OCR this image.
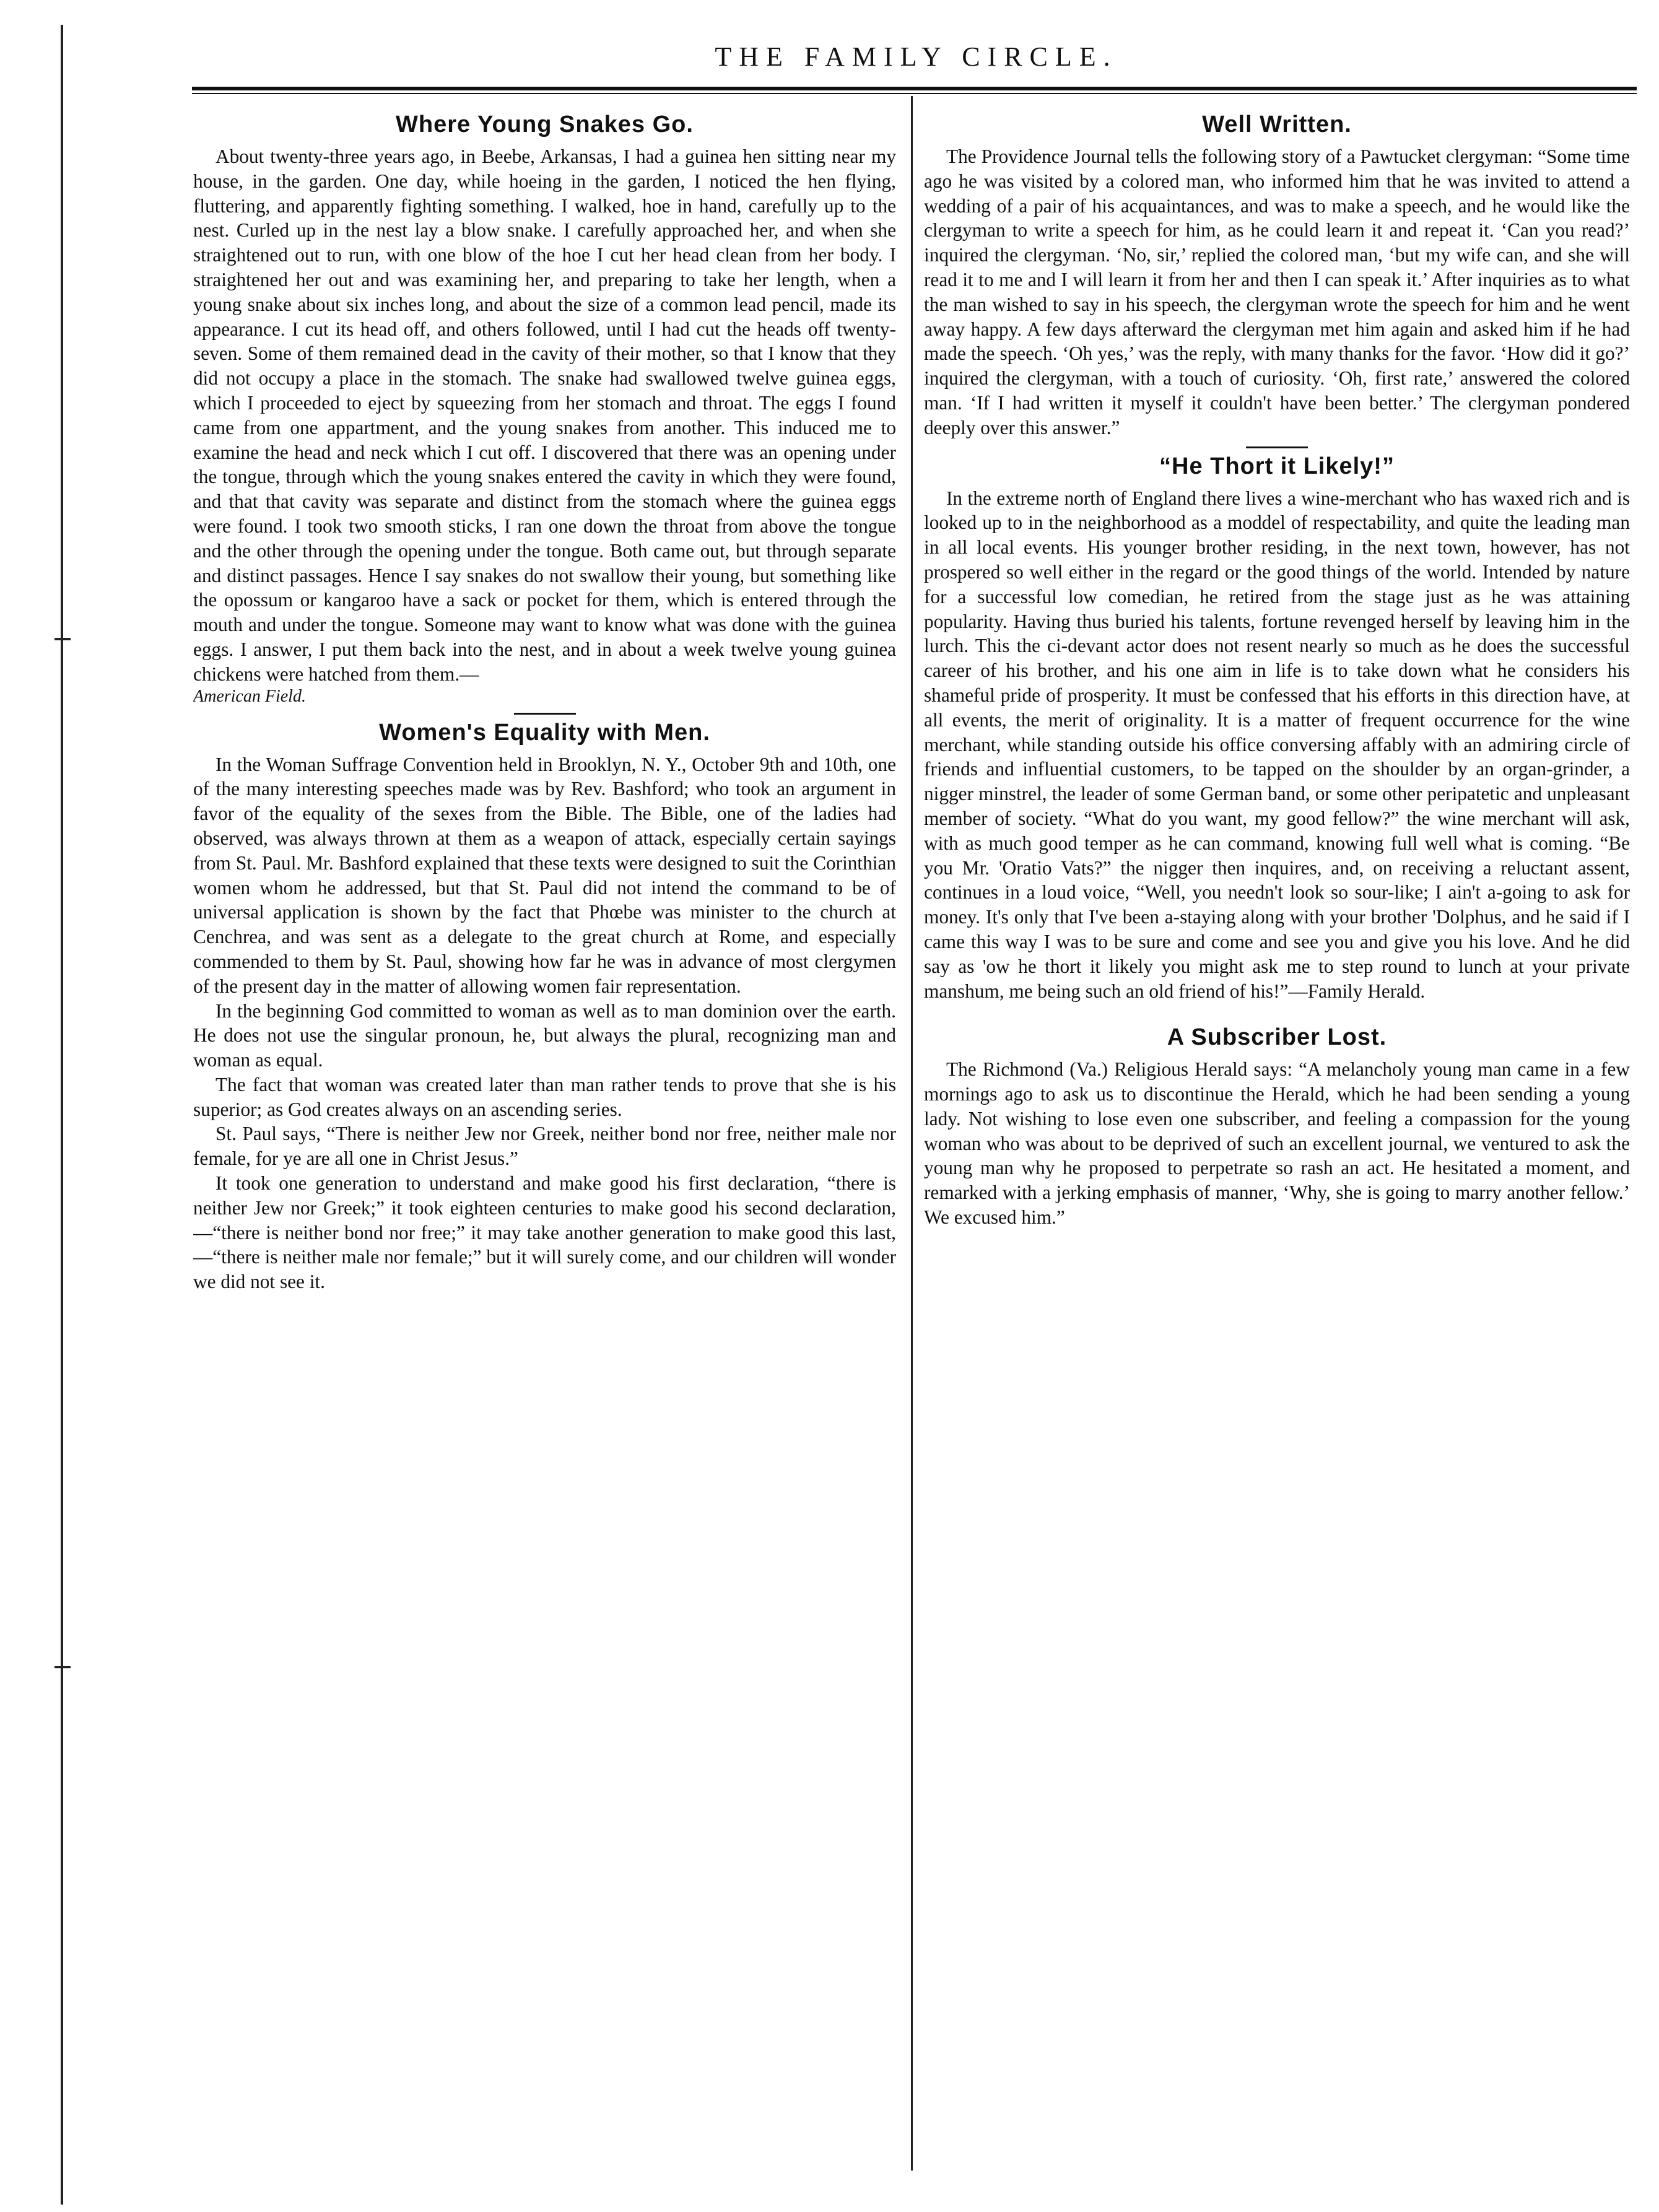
THE FAMILY CIRCLE.
Where Young Snakes Go.

About twenty-three years ago, in Beebe, Arkansas, I had a guinea hen sitting near my house, in the garden. One day, while hoeing in the garden, I noticed the hen flying, fluttering, and apparently fighting something. I walked, hoe in hand, carefully up to the nest. Curled up in the nest lay a blow snake. I carefully approached her, and when she straightened out to run, with one blow of the hoe I cut her head clean from her body. I straightened her out and was examining her, and preparing to take her length, when a young snake about six inches long, and about the size of a common lead pencil, made its appearance. I cut its head off, and others followed, until I had cut the heads off twenty-seven. Some of them remained dead in the cavity of their mother, so that I know that they did not occupy a place in the stomach. The snake had swallowed twelve guinea eggs, which I proceeded to eject by squeezing from her stomach and throat. The eggs I found came from one appartment, and the young snakes from another. This induced me to examine the head and neck which I cut off. I discovered that there was an opening under the tongue, through which the young snakes entered the cavity in which they were found, and that that cavity was separate and distinct from the stomach where the guinea eggs were found. I took two smooth sticks, I ran one down the throat from above the tongue and the other through the opening under the tongue. Both came out, but through separate and distinct passages. Hence I say snakes do not swallow their young, but something like the opossum or kangaroo have a sack or pocket for them, which is entered through the mouth and under the tongue. Someone may want to know what was done with the guinea eggs. I answer, I put them back into the nest, and in about a week twelve young guinea chickens were hatched from them.—

American Field.

Women's Equality with Men.

In the Woman Suffrage Convention held in Brooklyn, N. Y., October 9th and 10th, one of the many interesting speeches made was by Rev. Bashford; who took an argument in favor of the equality of the sexes from the Bible. The Bible, one of the ladies had observed, was always thrown at them as a weapon of attack, especially certain sayings from St. Paul. Mr. Bashford explained that these texts were designed to suit the Corinthian women whom he addressed, but that St. Paul did not intend the command to be of universal application is shown by the fact that Phœbe was minister to the church at Cenchrea, and was sent as a delegate to the great church at Rome, and especially commended to them by St. Paul, showing how far he was in advance of most clergymen of the present day in the matter of allowing women fair representation.

In the beginning God committed to woman as well as to man dominion over the earth. He does not use the singular pronoun, he, but always the plural, recognizing man and woman as equal.

The fact that woman was created later than man rather tends to prove that she is his superior; as God creates always on an ascending series.

St. Paul says, “There is neither Jew nor Greek, neither bond nor free, neither male nor female, for ye are all one in Christ Jesus.”

It took one generation to understand and make good his first declaration, “there is neither Jew nor Greek;” it took eighteen centuries to make good his second declaration,—“there is neither bond nor free;” it may take another generation to make good this last,—“there is neither male nor female;” but it will surely come, and our children will wonder we did not see it.

Well Written.

The Providence Journal tells the following story of a Pawtucket clergyman: “Some time ago he was visited by a colored man, who informed him that he was invited to attend a wedding of a pair of his acquaintances, and was to make a speech, and he would like the clergyman to write a speech for him, as he could learn it and repeat it. ‘Can you read?’ inquired the clergyman. ‘No, sir,’ replied the colored man, ‘but my wife can, and she will read it to me and I will learn it from her and then I can speak it.’ After inquiries as to what the man wished to say in his speech, the clergyman wrote the speech for him and he went away happy. A few days afterward the clergyman met him again and asked him if he had made the speech. ‘Oh yes,’ was the reply, with many thanks for the favor. ‘How did it go?’ inquired the clergyman, with a touch of curiosity. ‘Oh, first rate,’ answered the colored man. ‘If I had written it myself it couldn't have been better.’ The clergyman pondered deeply over this answer.”

“He Thort it Likely!”

In the extreme north of England there lives a wine-merchant who has waxed rich and is looked up to in the neighborhood as a moddel of respectability, and quite the leading man in all local events. His younger brother residing, in the next town, however, has not prospered so well either in the regard or the good things of the world. Intended by nature for a successful low comedian, he retired from the stage just as he was attaining popularity. Having thus buried his talents, fortune revenged herself by leaving him in the lurch. This the ci-devant actor does not resent nearly so much as he does the successful career of his brother, and his one aim in life is to take down what he considers his shameful pride of prosperity. It must be confessed that his efforts in this direction have, at all events, the merit of originality. It is a matter of frequent occurrence for the wine merchant, while standing outside his office conversing affably with an admiring circle of friends and influential customers, to be tapped on the shoulder by an organ-grinder, a nigger minstrel, the leader of some German band, or some other peripatetic and unpleasant member of society. “What do you want, my good fellow?” the wine merchant will ask, with as much good temper as he can command, knowing full well what is coming. “Be you Mr. 'Oratio Vats?” the nigger then inquires, and, on receiving a reluctant assent, continues in a loud voice, “Well, you needn't look so sour-like; I ain't a-going to ask for money. It's only that I've been a-staying along with your brother 'Dolphus, and he said if I came this way I was to be sure and come and see you and give you his love. And he did say as 'ow he thort it likely you might ask me to step round to lunch at your private manshum, me being such an old friend of his!”—Family Herald.

A Subscriber Lost.

The Richmond (Va.) Religious Herald says: “A melancholy young man came in a few mornings ago to ask us to discontinue the Herald, which he had been sending a young lady. Not wishing to lose even one subscriber, and feeling a compassion for the young woman who was about to be deprived of such an excellent journal, we ventured to ask the young man why he proposed to perpetrate so rash an act. He hesitated a moment, and remarked with a jerking emphasis of manner, ‘Why, she is going to marry another fellow.’ We excused him.”
